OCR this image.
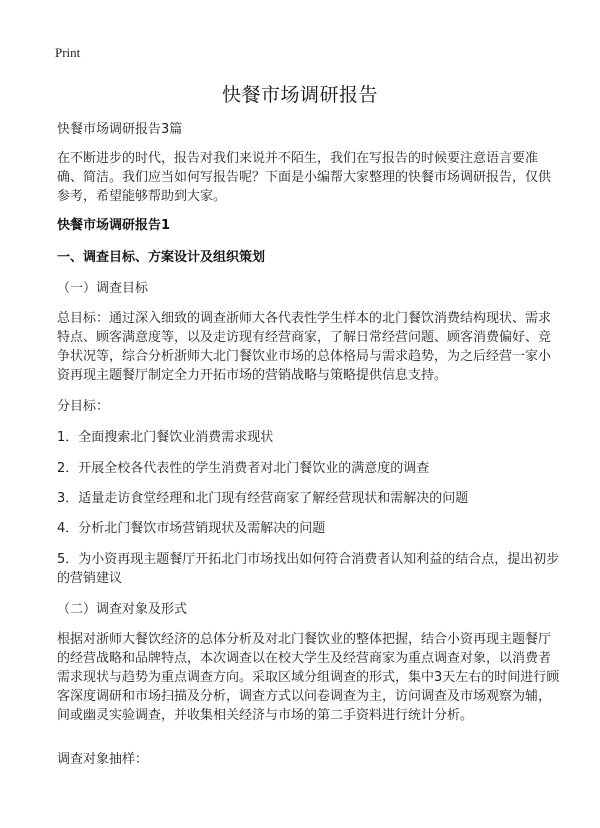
Print
快餐市场调研报告
快餐市场调研报告3篇
在不断进步的时代，报告对我们来说并不陌生，我们在写报告的时候要注意语言要准确、简洁。我们应当如何写报告呢？下面是小编帮大家整理的快餐市场调研报告，仅供参考，希望能够帮助到大家。
快餐市场调研报告1
一、调查目标、方案设计及组织策划
（一）调查目标
总目标：通过深入细致的调查浙师大各代表性学生样本的北门餐饮消费结构现状、需求特点、顾客满意度等，以及走访现有经营商家，了解日常经营问题、顾客消费偏好、竞争状况等，综合分析浙师大北门餐饮业市场的总体格局与需求趋势，为之后经营一家小资再现主题餐厅制定全力开拓市场的营销战略与策略提供信息支持。
分目标：
1．全面搜索北门餐饮业消费需求现状
2．开展全校各代表性的学生消费者对北门餐饮业的满意度的调查
3．适量走访食堂经理和北门现有经营商家了解经营现状和需解决的问题
4．分析北门餐饮市场营销现状及需解决的问题
5．为小资再现主题餐厅开拓北门市场找出如何符合消费者认知利益的结合点，提出初步的营销建议
（二）调查对象及形式
根据对浙师大餐饮经济的总体分析及对北门餐饮业的整体把握，结合小资再现主题餐厅的经营战略和品牌特点，本次调查以在校大学生及经营商家为重点调查对象，以消费者需求现状与趋势为重点调查方向。采取区域分组调查的形式，集中3天左右的时间进行顾客深度调研和市场扫描及分析，调查方式以问卷调查为主，访问调查及市场观察为辅，间或幽灵实验调查，并收集相关经济与市场的第二手资料进行统计分析。
调查对象抽样：
